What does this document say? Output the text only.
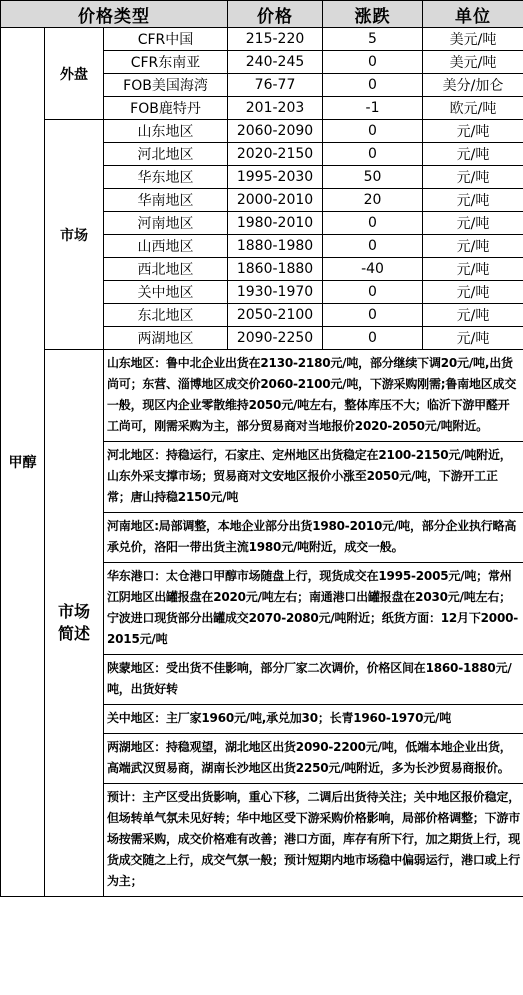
价格类型			价格	涨跌	单位
甲醇	外盘	CFR中国	215-220	5	美元/吨
		CFR东南亚	240-245	0	美元/吨
		FOB美国海湾	76-77	0	美分/加仑
		FOB鹿特丹	201-203	-1	欧元/吨
	市场	山东地区	2060-2090	0	元/吨
		河北地区	2020-2150	0	元/吨
		华东地区	1995-2030	50	元/吨
		华南地区	2000-2010	20	元/吨
		河南地区	1980-2010	0	元/吨
		山西地区	1880-1980	0	元/吨
		西北地区	1860-1880	-40	元/吨
		关中地区	1930-1970	0	元/吨
		东北地区	2050-2100	0	元/吨
		两湖地区	2090-2250	0	元/吨
	市场
简述	山东地区：鲁中北企业出货在2130-2180元/吨，部分继续下调20元/吨,出货尚可；东营、淄博地区成交价2060-2100元/吨，下游采购刚需;鲁南地区成交一般，现区内企业零散维持2050元/吨左右，整体库压不大；临沂下游甲醛开工尚可，刚需采购为主，部分贸易商对当地报价2020-2050元/吨附近。			
		河北地区：持稳运行，石家庄、定州地区出货稳定在2100-2150元/吨附近，山东外采支撑市场；贸易商对文安地区报价小涨至2050元/吨，下游开工正常；唐山持稳2150元/吨			
		河南地区:局部调整，本地企业部分出货1980-2010元/吨，部分企业执行略高承兑价，洛阳一带出货主流1980元/吨附近，成交一般。			
		华东港口：太仓港口甲醇市场随盘上行，现货成交在1995-2005元/吨；常州江阴地区出罐报盘在2020元/吨左右；南通港口出罐报盘在2030元/吨左右；宁波进口现货部分出罐成交2070-2080元/吨附近；纸货方面：12月下2000-2015元/吨			
		陕蒙地区：受出货不佳影响，部分厂家二次调价，价格区间在1860-1880元/吨，出货好转			
		关中地区：主厂家1960元/吨,承兑加30；长青1960-1970元/吨			
		两湖地区：持稳观望，湖北地区出货2090-2200元/吨，低端本地企业出货，高端武汉贸易商，湖南长沙地区出货2250元/吨附近，多为长沙贸易商报价。			
		预计：主产区受出货影响，重心下移，二调后出货待关注；关中地区报价稳定，但场转单气氛未见好转；华中地区受下游采购价格影响，局部价格调整；下游市场按需采购，成交价格难有改善；港口方面，库存有所下行，加之期货上行，现货成交随之上行，成交气氛一般；预计短期内地市场稳中偏弱运行，港口或上行为主；			
